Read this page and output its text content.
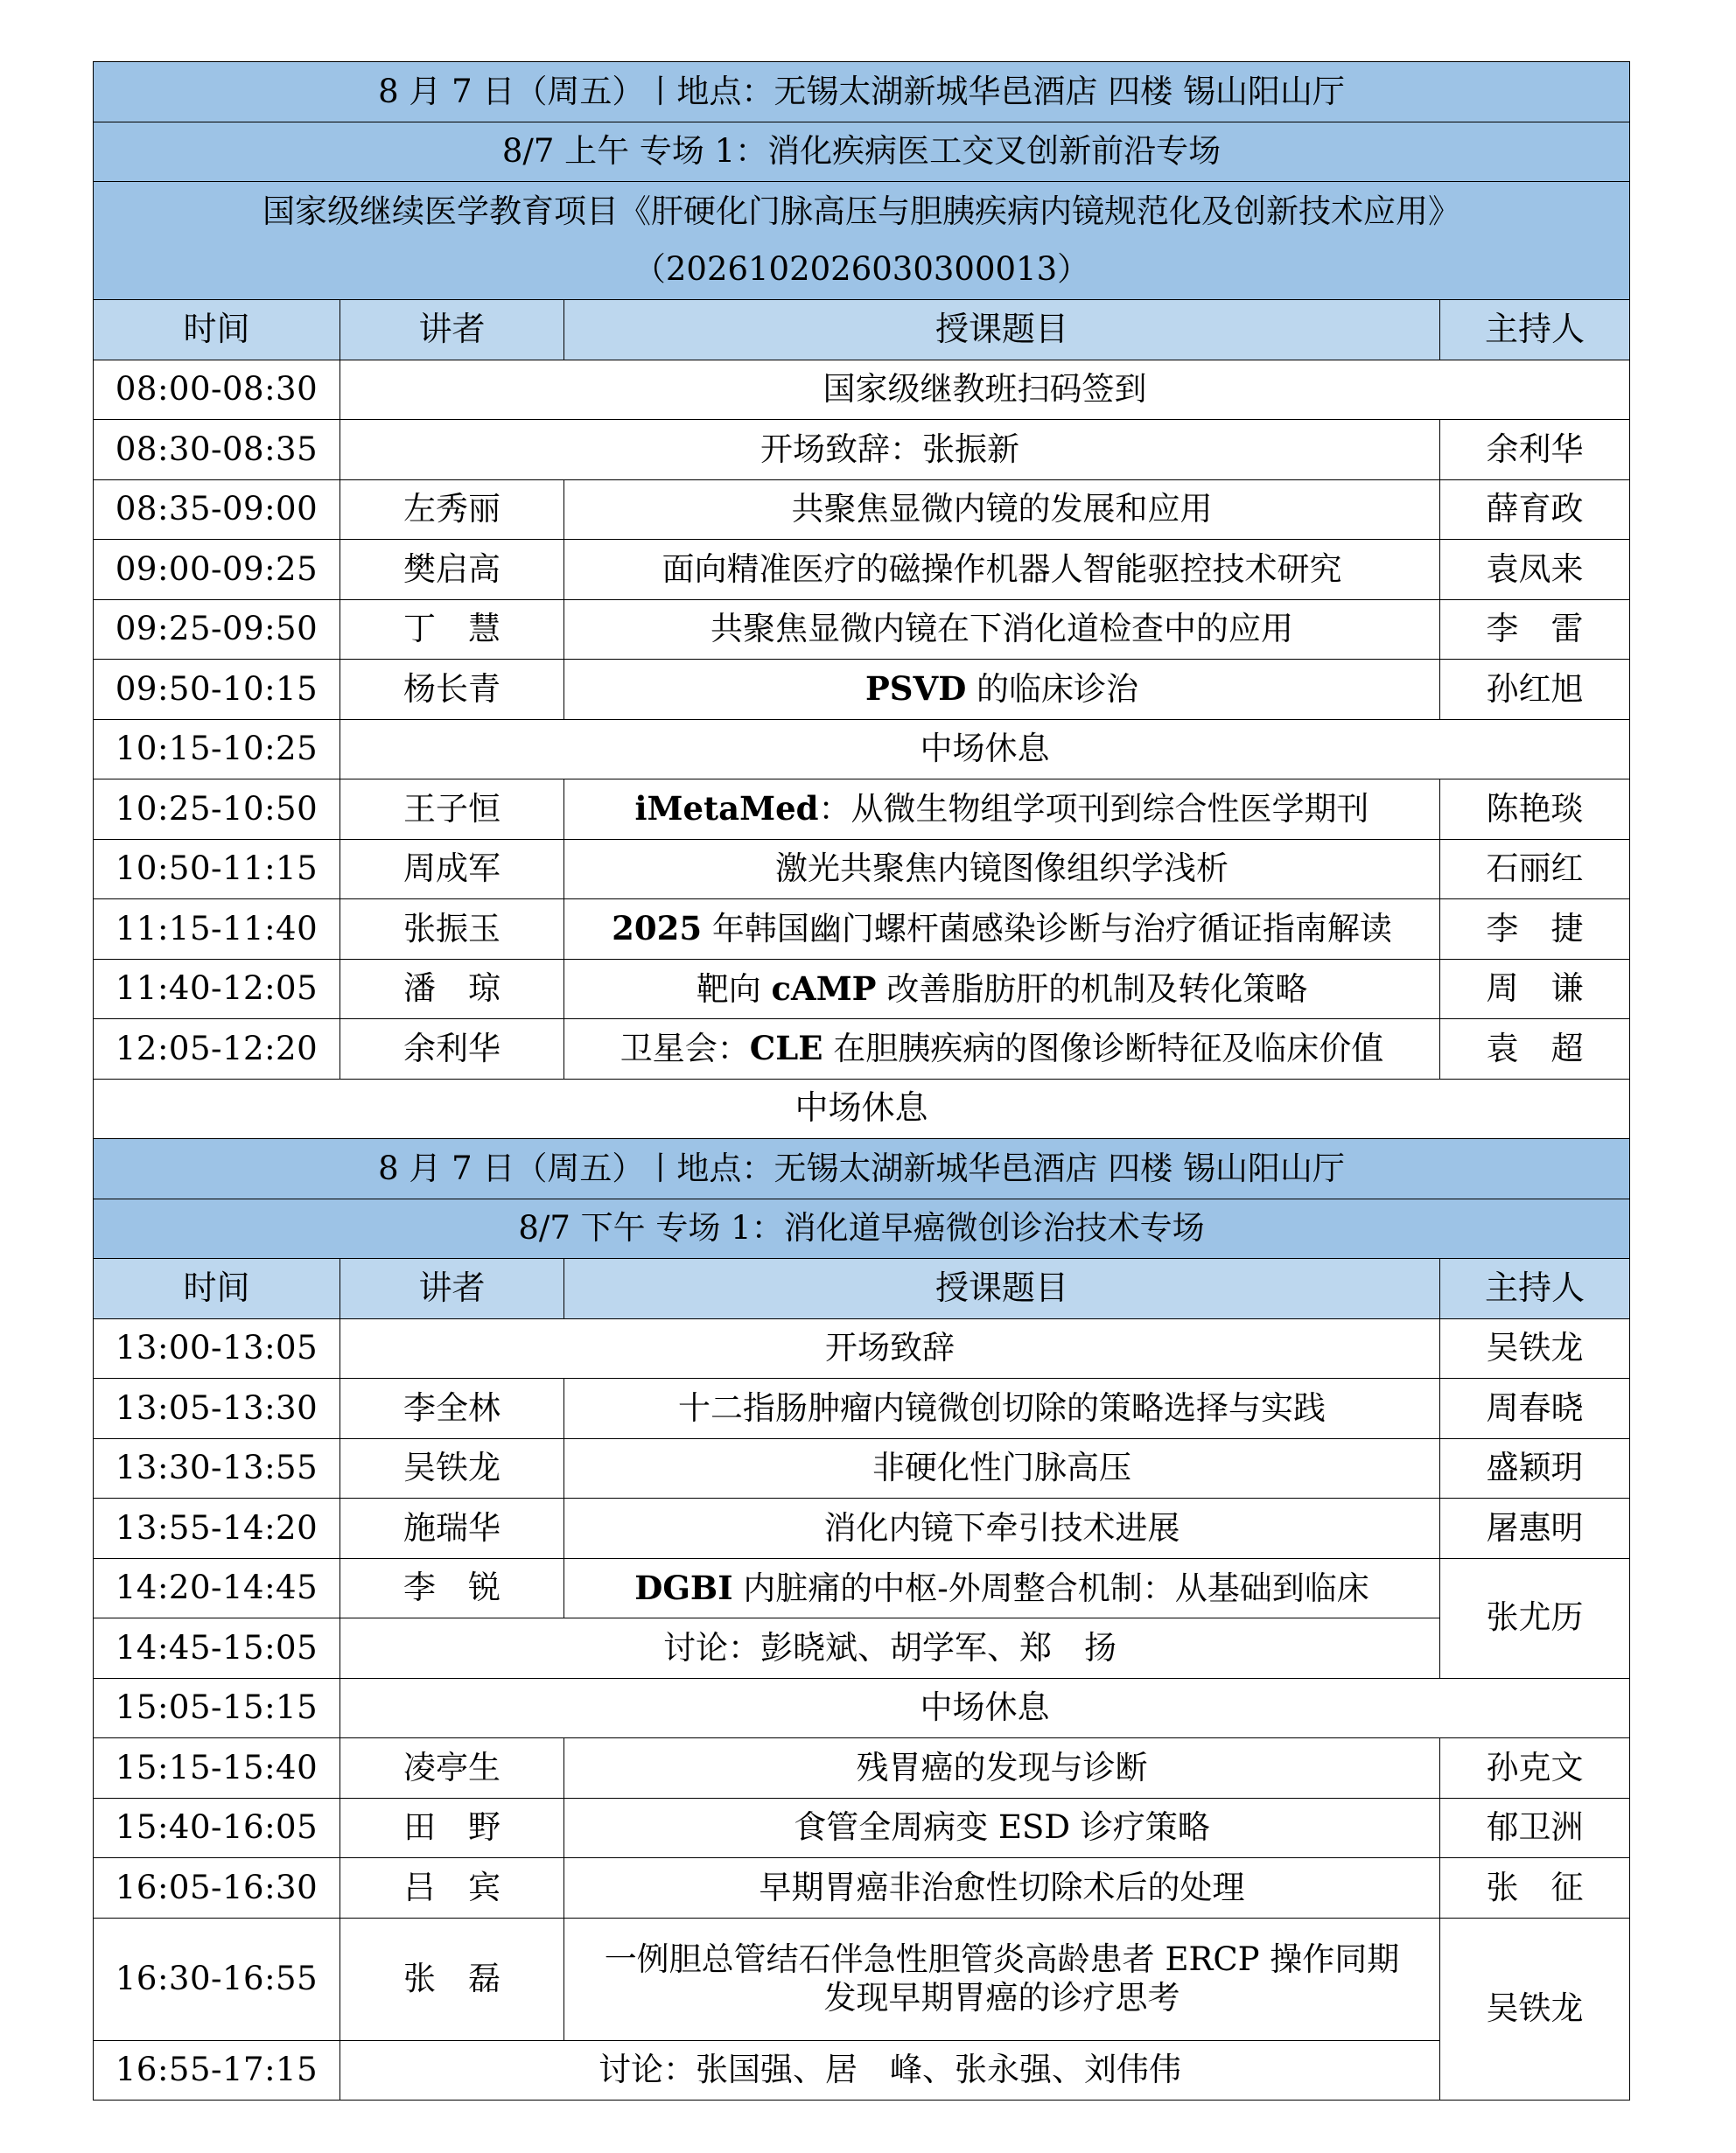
8 月 7 日（周五）丨地点：无锡太湖新城华邑酒店 四楼 锡山阳山厅			
8/7 上午 专场 1：消化疾病医工交叉创新前沿专场			

国家级继续医学教育项目《肝硬化门脉高压与胆胰疾病内镜规范化及创新技术应用》
（2026102026030300013）			

时间	讲者	授课题目	主持人
08:00-08:30	国家级继教班扫码签到		
08:30-08:35	开场致辞：张振新		余利华
08:35-09:00	左秀丽	共聚焦显微内镜的发展和应用	薛育政
09:00-09:25	樊启高	面向精准医疗的磁操作机器人智能驱控技术研究	袁凤来
09:25-09:50	丁　慧	共聚焦显微内镜在下消化道检查中的应用	李　雷
09:50-10:15	杨长青	PSVD 的临床诊治	孙红旭
10:15-10:25	中场休息		
10:25-10:50	王子恒	iMetaMed：从微生物组学项刊到综合性医学期刊	陈艳琰
10:50-11:15	周成军	激光共聚焦内镜图像组织学浅析	石丽红
11:15-11:40	张振玉	2025 年韩国幽门螺杆菌感染诊断与治疗循证指南解读	李　捷
11:40-12:05	潘　琼	靶向 cAMP 改善脂肪肝的机制及转化策略	周　谦
12:05-12:20	余利华	卫星会：CLE 在胆胰疾病的图像诊断特征及临床价值	袁　超
中场休息			
8 月 7 日（周五）丨地点：无锡太湖新城华邑酒店 四楼 锡山阳山厅			
8/7 下午 专场 1：消化道早癌微创诊治技术专场			
时间	讲者	授课题目	主持人
13:00-13:05	开场致辞		吴铁龙
13:05-13:30	李全林	十二指肠肿瘤内镜微创切除的策略选择与实践	周春晓
13:30-13:55	吴铁龙	非硬化性门脉高压	盛颖玥
13:55-14:20	施瑞华	消化内镜下牵引技术进展	屠惠明
14:20-14:45	李　锐	DGBI 内脏痛的中枢-外周整合机制：从基础到临床	张尤历
14:45-15:05	讨论：彭晓斌、胡学军、郑　扬		
15:05-15:15	中场休息		
15:15-15:40	凌亭生	残胃癌的发现与诊断	孙克文
15:40-16:05	田　野	食管全周病变 ESD 诊疗策略	郁卫洲
16:05-16:30	吕　宾	早期胃癌非治愈性切除术后的处理	张　征
16:30-16:55	张　磊	一例胆总管结石伴急性胆管炎高龄患者 ERCP 操作同期
发现早期胃癌的诊疗思考	吴铁龙
16:55-17:15	讨论：张国强、居　峰、张永强、刘伟伟		
